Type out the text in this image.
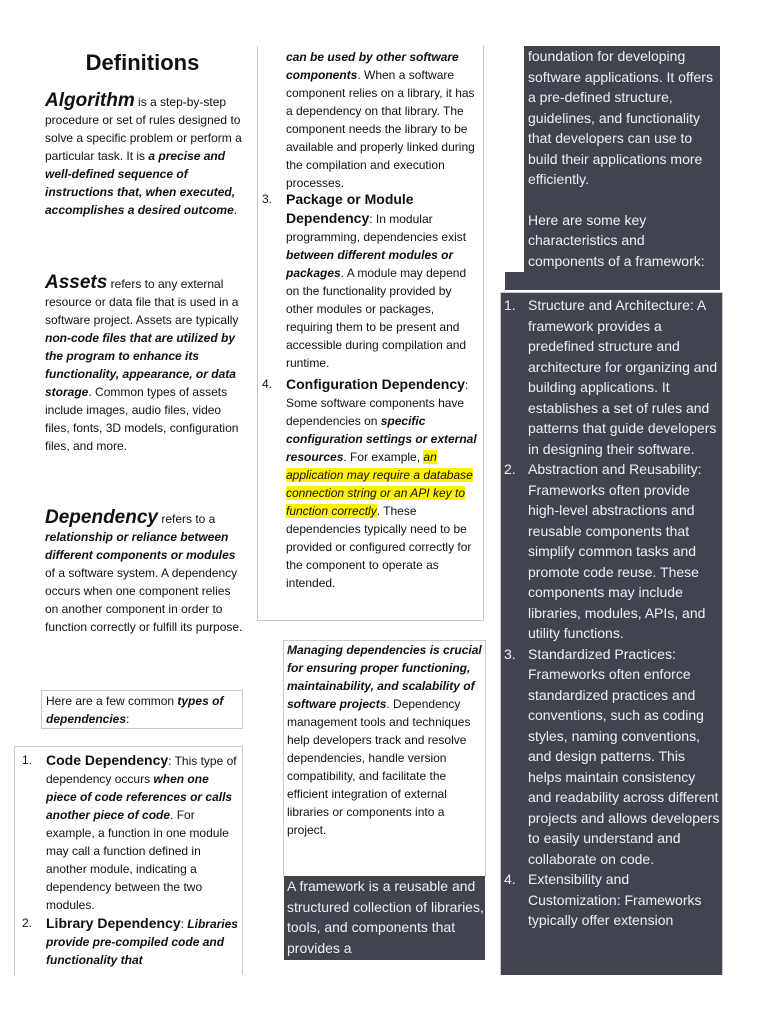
Definitions
Algorithm is a step-by-step procedure or set of rules designed to solve a specific problem or perform a particular task. It is a precise and well-defined sequence of instructions that, when executed, accomplishes a desired outcome.
Assets refers to any external resource or data file that is used in a software project. Assets are typically non-code files that are utilized by the program to enhance its functionality, appearance, or data storage. Common types of assets include images, audio files, video files, fonts, 3D models, configuration files, and more.
Dependency refers to a relationship or reliance between different components or modules of a software system. A dependency occurs when one component relies on another component in order to function correctly or fulfill its purpose.
Here are a few common types of dependencies:
1. Code Dependency: This type of dependency occurs when one piece of code references or calls another piece of code. For example, a function in one module may call a function defined in another module, indicating a dependency between the two modules.
2. Library Dependency: Libraries provide pre-compiled code and functionality that
can be used by other software components. When a software component relies on a library, it has a dependency on that library. The component needs the library to be available and properly linked during the compilation and execution processes.
3. Package or Module Dependency: In modular programming, dependencies exist between different modules or packages. A module may depend on the functionality provided by other modules or packages, requiring them to be present and accessible during compilation and runtime.
4. Configuration Dependency: Some software components have dependencies on specific configuration settings or external resources. For example, an application may require a database connection string or an API key to function correctly. These dependencies typically need to be provided or configured correctly for the component to operate as intended.
Managing dependencies is crucial for ensuring proper functioning, maintainability, and scalability of software projects. Dependency management tools and techniques help developers track and resolve dependencies, handle version compatibility, and facilitate the efficient integration of external libraries or components into a project.
A framework is a reusable and structured collection of libraries, tools, and components that provides a

foundation for developing software applications. It offers a pre-defined structure, guidelines, and functionality that developers can use to build their applications more efficiently.

Here are some key characteristics and components of a framework:

1. Structure and Architecture: A framework provides a predefined structure and architecture for organizing and building applications. It establishes a set of rules and patterns that guide developers in designing their software.
2. Abstraction and Reusability: Frameworks often provide high-level abstractions and reusable components that simplify common tasks and promote code reuse. These components may include libraries, modules, APIs, and utility functions.
3. Standardized Practices: Frameworks often enforce standardized practices and conventions, such as coding styles, naming conventions, and design patterns. This helps maintain consistency and readability across different projects and allows developers to easily understand and collaborate on code.
4. Extensibility and Customization: Frameworks typically offer extension
